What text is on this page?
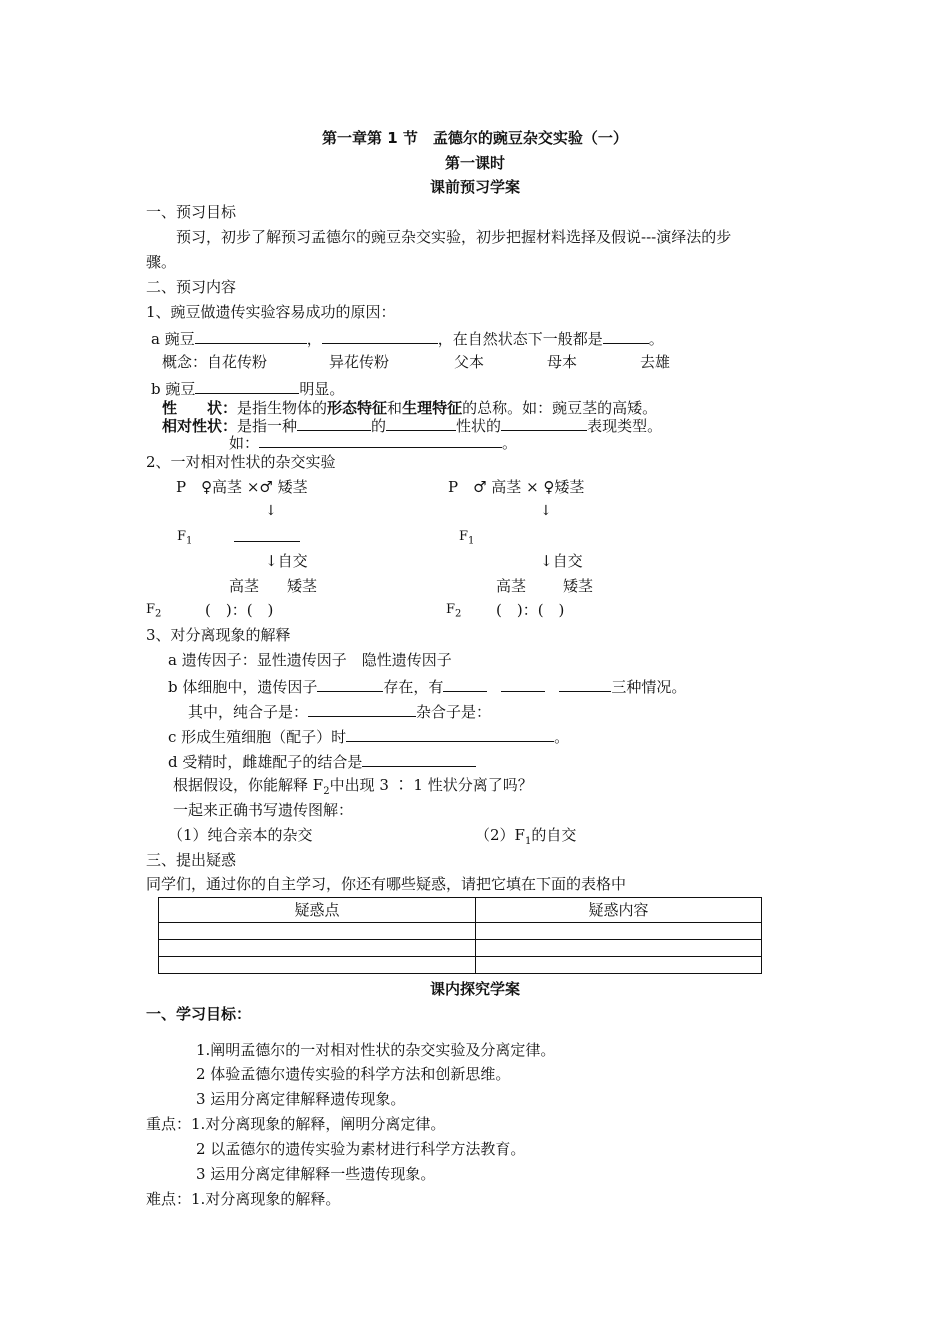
第一章第 1 节　孟德尔的豌豆杂交实验（一）
第一课时
课前预习学案
一、预习目标
预习，初步了解预习孟德尔的豌豆杂交实验，初步把握材料选择及假说---演绎法的步
骤。
二、预习内容
1、豌豆做遗传实验容易成功的原因：
a 豌豆	，	，在自然状态下一般都是	。
概念：自花传粉	异花传粉	父本	母本	去雄
b 豌豆	明显。
性　　状：是指生物体的形态特征和生理特征的总称。如：豌豆茎的高矮。
相对性状：是指一种	的	性状的	表现类型。
如：	。
2、一对相对性状的杂交实验
P　♀高茎 ×♂ 矮茎	P　♂ 高茎 × ♀矮茎
↓	↓
$F_1$	$F_1$
↓自交	↓自交
高茎 矮茎	高茎 矮茎
$F_2$	(　)：(　)	$F_2$ (　)：(　)
3、对分离现象的解释
a 遗传因子：显性遗传因子　隐性遗传因子
b 体细胞中，遗传因子	存在，有	三种情况。
其中，纯合子是：	杂合子是：
c 形成生殖细胞（配子）时	。
d 受精时，雌雄配子的结合是
根据假设，你能解释 $F_2$中出现 3 ∶ 1 性状分离了吗？
一起来正确书写遗传图解：
（1）纯合亲本的杂交	$(2)F_1$的自交
三、提出疑惑
同学们，通过你的自主学习，你还有哪些疑惑，请把它填在下面的表格中
疑惑点	疑惑内容

课内探究学案
一、学习目标：
1.阐明孟德尔的一对相对性状的杂交实验及分离定律。
2 体验孟德尔遗传实验的科学方法和创新思维。
3 运用分离定律解释遗传现象。
重点：1.对分离现象的解释，阐明分离定律。
2 以孟德尔的遗传实验为素材进行科学方法教育。
3 运用分离定律解释一些遗传现象。
难点：1.对分离现象的解释。
